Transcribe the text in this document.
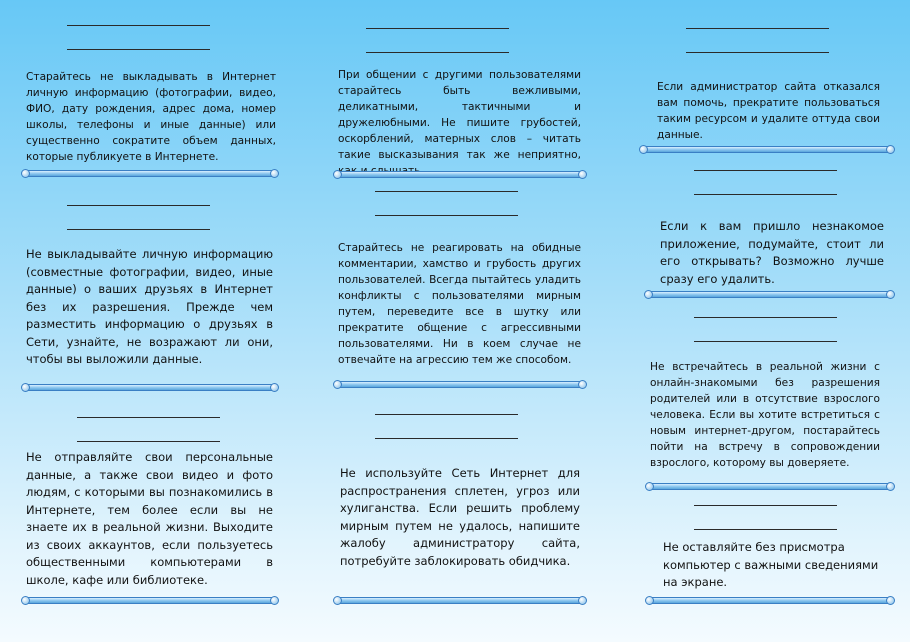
Старайтесь не выкладывать в Интернет личную информацию (фотографии, видео, ФИО, дату рождения, адрес дома, номер школы, телефоны и иные данные) или существенно сократите объем данных, которые публикуете в Интернете.

Не выкладывайте личную информацию (совместные фотографии, видео, иные данные) о ваших друзьях в Интернет без их разрешения. Прежде чем разместить информацию о друзьях в Сети, узнайте, не возражают ли они, чтобы вы выложили данные.

Не отправляйте свои персональные данные, а также свои видео и фото людям, с которыми вы познакомились в Интернете, тем более если вы не знаете их в реальной жизни. Выходите из своих аккаунтов, если пользуетесь общественными компьютерами в школе, кафе или библиотеке.

При общении с другими пользователями старайтесь быть вежливыми, деликатными, тактичными и дружелюбными. Не пишите грубостей, оскорблений, матерных слов – читать такие высказывания так же неприятно,

Старайтесь не реагировать на обидные комментарии, хамство и грубость других пользователей. Всегда пытайтесь уладить конфликты с пользователями мирным путем, переведите все в шутку или прекратите общение с агрессивными пользователями. Ни в коем случае не отвечайте на агрессию тем же способом.

Не используйте Сеть Интернет для распространения сплетен, угроз или хулиганства. Если решить проблему мирным путем не удалось, напишите жалобу администратору сайта, потребуйте заблокировать обидчика.

Если администратор сайта отказался вам помочь, прекратите пользоваться таким ресурсом и удалите оттуда свои данные.

Если к вам пришло незнакомое приложение, подумайте, стоит ли его открывать? Возможно лучше сразу его удалить.

Не встречайтесь в реальной жизни с онлайн-знакомыми без разрешения родителей или в отсутствие взрослого человека. Если вы хотите встретиться с новым интернет-другом, постарайтесь пойти на встречу в сопровождении взрослого, которому вы доверяете.

Не оставляйте без присмотра компьютер с важными сведениями на экране.
